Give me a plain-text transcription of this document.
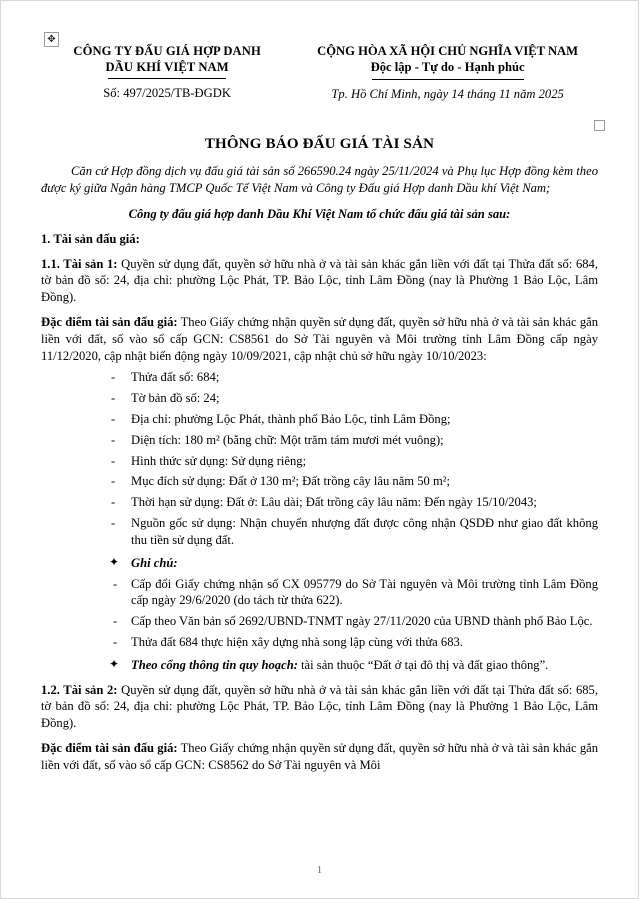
✥
CÔNG TY ĐẤU GIÁ HỢP DANH
DẦU KHÍ VIỆT NAM
Số: 497/2025/TB-ĐGDK
CỘNG HÒA XÃ HỘI CHỦ NGHĨA VIỆT NAM
Độc lập - Tự do - Hạnh phúc
Tp. Hồ Chí Minh, ngày 14 tháng 11 năm 2025
THÔNG BÁO ĐẤU GIÁ TÀI SẢN

Căn cứ Hợp đồng dịch vụ đấu giá tài sản số 266590.24 ngày 25/11/2024 và Phụ lục Hợp đồng kèm theo được ký giữa Ngân hàng TMCP Quốc Tế Việt Nam và Công ty Đấu giá Hợp danh Dầu khí Việt Nam;

Công ty đấu giá hợp danh Dầu Khí Việt Nam tổ chức đấu giá tài sản sau:

1. Tài sản đấu giá:

1.1. Tài sản 1: Quyền sử dụng đất, quyền sở hữu nhà ở và tài sản khác gắn liền với đất tại Thửa đất số: 684, tờ bản đồ số: 24, địa chỉ: phường Lộc Phát, TP. Bảo Lộc, tỉnh Lâm Đồng (nay là Phường 1 Bảo Lộc, Lâm Đồng).

Đặc điểm tài sản đấu giá: Theo Giấy chứng nhận quyền sử dụng đất, quyền sở hữu nhà ở và tài sản khác gắn liền với đất, số vào sổ cấp GCN: CS8561 do Sở Tài nguyên và Môi trường tỉnh Lâm Đồng cấp ngày 11/12/2020, cập nhật biến động ngày 10/09/2021, cập nhật chủ sở hữu ngày 10/10/2023:

- Thửa đất số: 684;
- Tờ bản đồ số: 24;
- Địa chỉ: phường Lộc Phát, thành phố Bảo Lộc, tỉnh Lâm Đồng;
- Diện tích: 180 m² (bằng chữ: Một trăm tám mươi mét vuông);
- Hình thức sử dụng: Sử dụng riêng;
- Mục đích sử dụng: Đất ở 130 m²; Đất trồng cây lâu năm 50 m²;
- Thời hạn sử dụng: Đất ở: Lâu dài; Đất trồng cây lâu năm: Đến ngày 15/10/2043;
- Nguồn gốc sử dụng: Nhận chuyển nhượng đất được công nhận QSDĐ như giao đất không thu tiền sử dụng đất.
✦ Ghi chú:
- Cấp đổi Giấy chứng nhận số CX 095779 do Sở Tài nguyên và Môi trường tỉnh Lâm Đồng cấp ngày 29/6/2020 (do tách từ thửa 622).
- Cấp theo Văn bản số 2692/UBND-TNMT ngày 27/11/2020 của UBND thành phố Bảo Lộc.
- Thửa đất 684 thực hiện xây dựng nhà song lập cùng với thửa 683.
✦ Theo cổng thông tin quy hoạch: tài sản thuộc “Đất ở tại đô thị và đất giao thông”.

1.2. Tài sản 2: Quyền sử dụng đất, quyền sở hữu nhà ở và tài sản khác gắn liền với đất tại Thửa đất số: 685, tờ bản đồ số: 24, địa chỉ: phường Lộc Phát, TP. Bảo Lộc, tỉnh Lâm Đồng (nay là Phường 1 Bảo Lộc, Lâm Đồng).

Đặc điểm tài sản đấu giá: Theo Giấy chứng nhận quyền sử dụng đất, quyền sở hữu nhà ở và tài sản khác gắn liền với đất, số vào sổ cấp GCN: CS8562 do Sở Tài nguyên và Môi

1
